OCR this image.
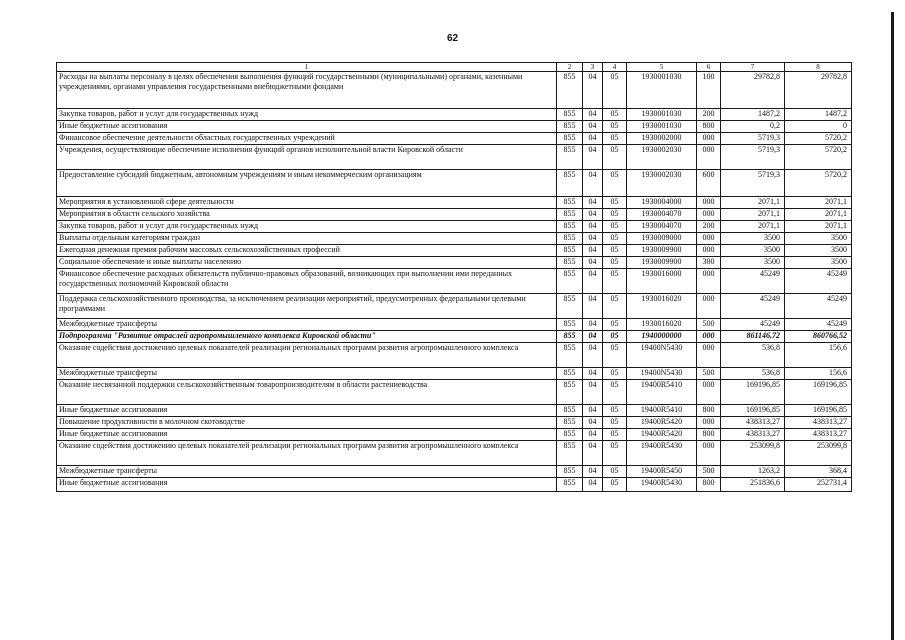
62
1	2	3	4	5	6	7	8
Расходы на выплаты персоналу в целях обеспечения выполнения функций государственными (муниципальными) органами, казенными учреждениями, органами управления государственными внебюджетными фондами	855	04	05	1930001030	100	29782,8	29782,8
Закупка товаров, работ и услуг для государственных нужд	855	04	05	1930001030	200	1487,2	1487,2
Иные бюджетные ассигнования	855	04	05	1930001030	800	0,2	0
Финансовое обеспечение деятельности областных государственных учреждений	855	04	05	1930002000	000	5719,3	5720,2
Учреждения, осуществляющие обеспечение исполнения функций органов исполнительной власти Кировской области	855	04	05	1930002030	000	5719,3	5720,2
Предоставление субсидий бюджетным, автономным учреждениям и иным некоммерческим организациям	855	04	05	1930002030	600	5719,3	5720,2
Мероприятия в установленной сфере деятельности	855	04	05	1930004000	000	2071,1	2071,1
Мероприятия в области сельского хозяйства	855	04	05	1930004070	000	2071,1	2071,1
Закупка товаров, работ и услуг для государственных нужд	855	04	05	1930004070	200	2071,1	2071,1
Выплаты отдельным категориям граждан	855	04	05	1930009000	000	3500	3500
Ежегодная денежная премия рабочим массовых сельскохозяйственных профессий	855	04	05	1930009900	000	3500	3500
Социальное обеспечение и иные выплаты населению	855	04	05	1930009900	300	3500	3500
Финансовое обеспечение расходных обязательств публично-правовых образований, возникающих при выполнении ими переданных государственных полномочий Кировской области	855	04	05	1930016000	000	45249	45249
Поддержка сельскохозяйственного производства, за исключением реализации мероприятий, предусмотренных федеральными целевыми программами	855	04	05	1930016020	000	45249	45249
Межбюджетные трансферты	855	04	05	1930016020	500	45249	45249
Подпрограмма "Развитие отраслей агропромышленного комплекса Кировской области"	855	04	05	1940000000	000	861146,72	860766,52
Оказание содействия достижению целевых показателей реализации региональных программ развития агропромышленного комплекса	855	04	05	19400N5430	000	536,8	156,6
Межбюджетные трансферты	855	04	05	19400N5430	500	536,8	156,6
Оказание несвязанной поддержки сельскохозяйственным товаропроизводителям в области растениеводства	855	04	05	19400R5410	000	169196,85	169196,85
Иные бюджетные ассигнования	855	04	05	19400R5410	800	169196,85	169196,85
Повышение продуктивности в молочном скотоводстве	855	04	05	19400R5420	000	438313,27	438313,27
Иные бюджетные ассигнования	855	04	05	19400R5420	800	438313,27	438313,27
Оказание содействия достижению целевых показателей реализации региональных программ развития агропромышленного комплекса	855	04	05	19400R5430	000	253099,8	253099,8
Межбюджетные трансферты	855	04	05	19400R5450	500	1263,2	368,4
Иные бюджетные ассигнования	855	04	05	19400R5430	800	251836,6	252731,4
